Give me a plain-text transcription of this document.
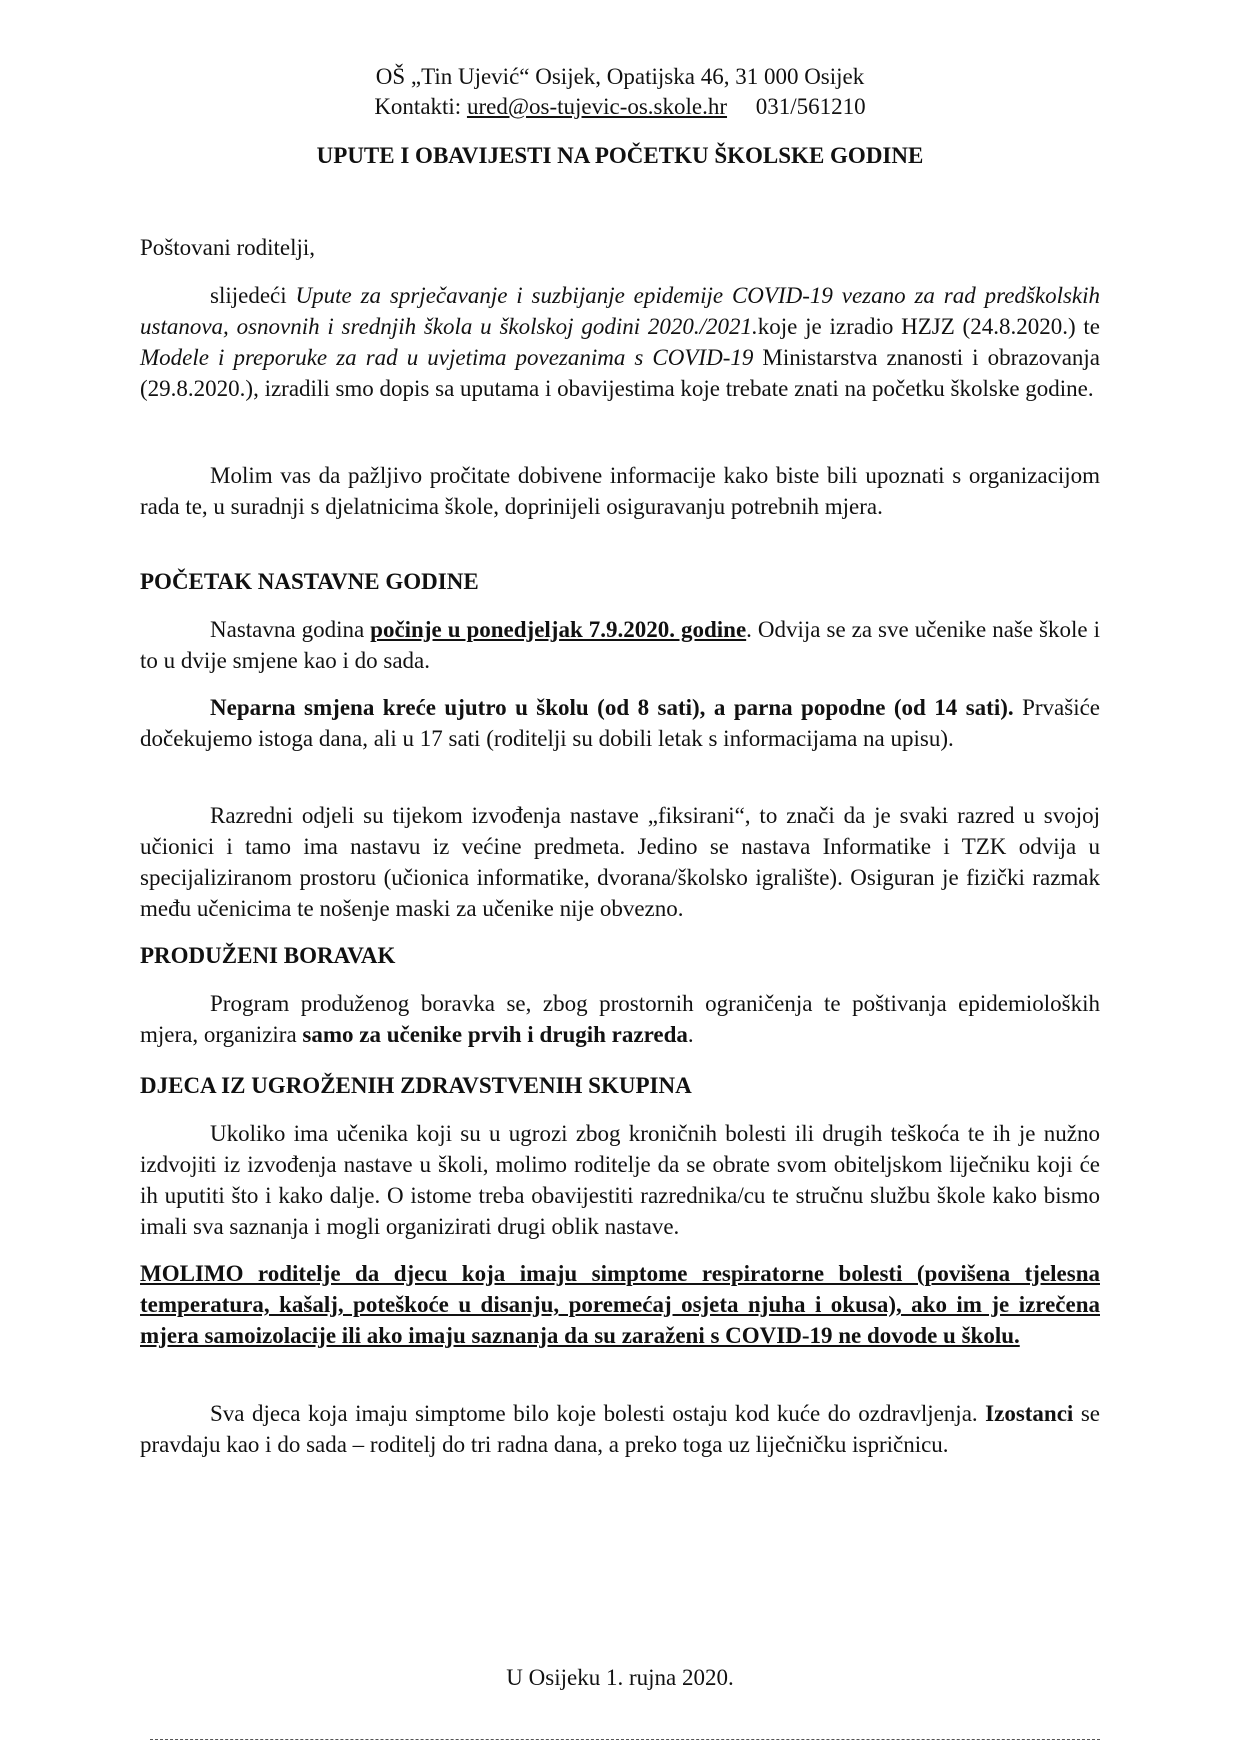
OŠ „Tin Ujević“ Osijek, Opatijska 46, 31 000 Osijek
Kontakti: ured@os-tujevic-os.skole.hr 031/561210
UPUTE I OBAVIJESTI NA POČETKU ŠKOLSKE GODINE
Poštovani roditelji,
slijedeći Upute za sprječavanje i suzbijanje epidemije COVID-19 vezano za rad predškolskih ustanova, osnovnih i srednjih škola u školskoj godini 2020./2021.koje je izradio HZJZ (24.8.2020.) te Modele i preporuke za rad u uvjetima povezanima s COVID-19 Ministarstva znanosti i obrazovanja (29.8.2020.), izradili smo dopis sa uputama i obavijestima koje trebate znati na početku školske godine.
Molim vas da pažljivo pročitate dobivene informacije kako biste bili upoznati s organizacijom rada te, u suradnji s djelatnicima škole, doprinijeli osiguravanju potrebnih mjera.
POČETAK NASTAVNE GODINE
Nastavna godina počinje u ponedjeljak 7.9.2020. godine. Odvija se za sve učenike naše škole i to u dvije smjene kao i do sada.
Neparna smjena kreće ujutro u školu (od 8 sati), a parna popodne (od 14 sati). Prvašiće dočekujemo istoga dana, ali u 17 sati (roditelji su dobili letak s informacijama na upisu).
Razredni odjeli su tijekom izvođenja nastave „fiksirani“, to znači da je svaki razred u svojoj učionici i tamo ima nastavu iz većine predmeta. Jedino se nastava Informatike i TZK odvija u specijaliziranom prostoru (učionica informatike, dvorana/školsko igralište). Osiguran je fizički razmak među učenicima te nošenje maski za učenike nije obvezno.
PRODUŽENI BORAVAK
Program produženog boravka se, zbog prostornih ograničenja te poštivanja epidemioloških mjera, organizira samo za učenike prvih i drugih razreda.
DJECA IZ UGROŽENIH ZDRAVSTVENIH SKUPINA
Ukoliko ima učenika koji su u ugrozi zbog kroničnih bolesti ili drugih teškoća te ih je nužno izdvojiti iz izvođenja nastave u školi, molimo roditelje da se obrate svom obiteljskom liječniku koji će ih uputiti što i kako dalje. O istome treba obavijestiti razrednika/cu te stručnu službu škole kako bismo imali sva saznanja i mogli organizirati drugi oblik nastave.
MOLIMO roditelje da djecu koja imaju simptome respiratorne bolesti (povišena tjelesna temperatura, kašalj, poteškoće u disanju, poremećaj osjeta njuha i okusa), ako im je izrečena mjera samoizolacije ili ako imaju saznanja da su zaraženi s COVID-19 ne dovode u školu.
Sva djeca koja imaju simptome bilo koje bolesti ostaju kod kuće do ozdravljenja. Izostanci se pravdaju kao i do sada – roditelj do tri radna dana, a preko toga uz liječničku ispričnicu.
U Osijeku 1. rujna 2020.
